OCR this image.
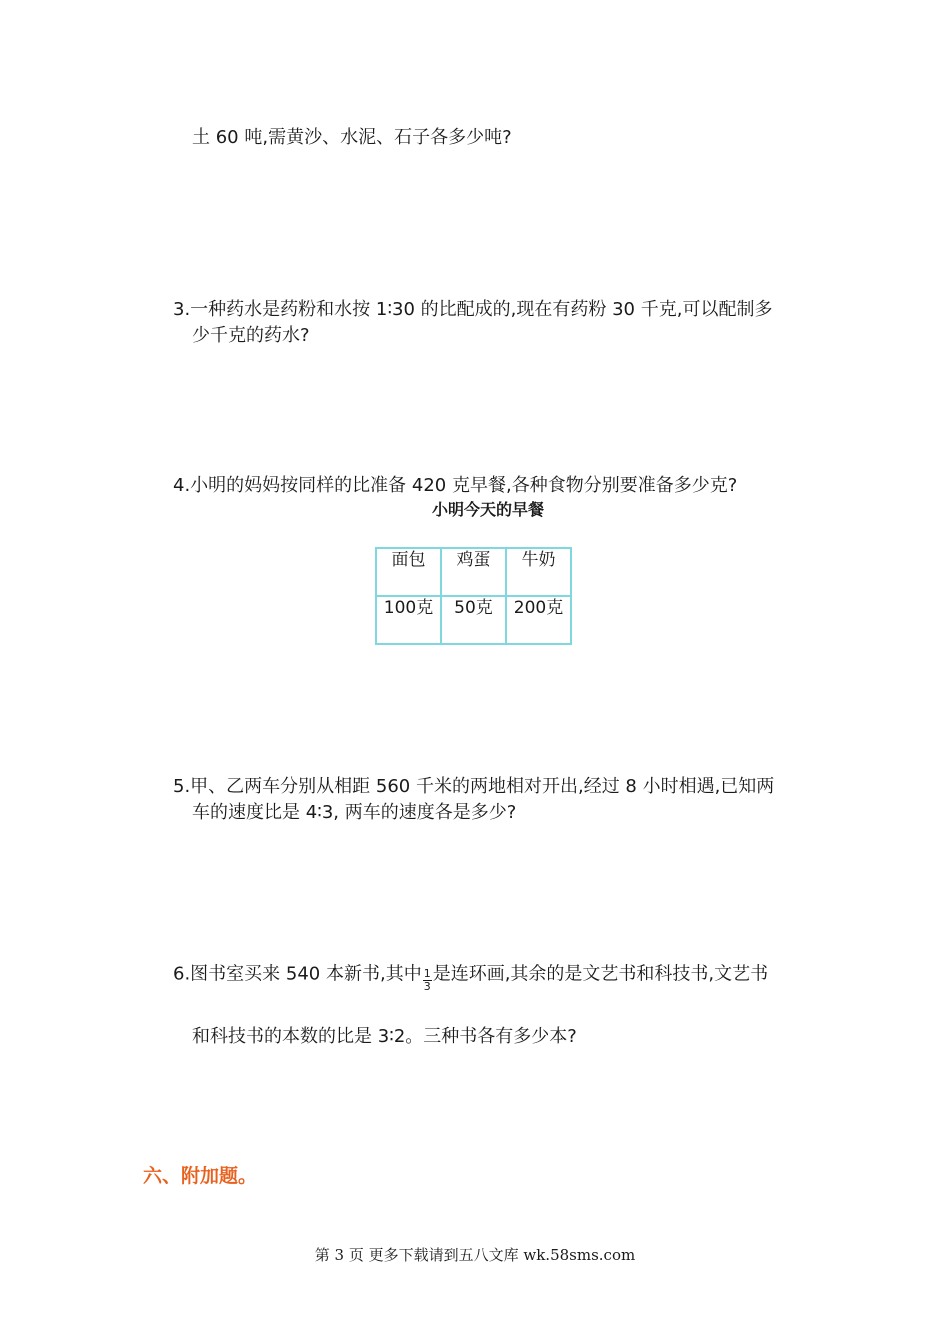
土 60 吨,需黄沙、水泥、石子各多少吨?
3.一种药水是药粉和水按 1∶30 的比配成的,现在有药粉 30 千克,可以配制多
少千克的药水?
4.小明的妈妈按同样的比准备 420 克早餐,各种食物分别要准备多少克?
小明今天的早餐
面包	鸡蛋	牛奶
100克	50克	200克
5.甲、乙两车分别从相距 560 千米的两地相对开出,经过 8 小时相遇,已知两
车的速度比是 4∶3, 两车的速度各是多少?
6.图书室买来 540 本新书,其中 $\frac{1}{3}$ 是连环画,其余的是文艺书和科技书,文艺书
和科技书的本数的比是 3∶2。三种书各有多少本?
六、附加题。
第 3 页 更多下载请到五八文库 wk.58sms.com
